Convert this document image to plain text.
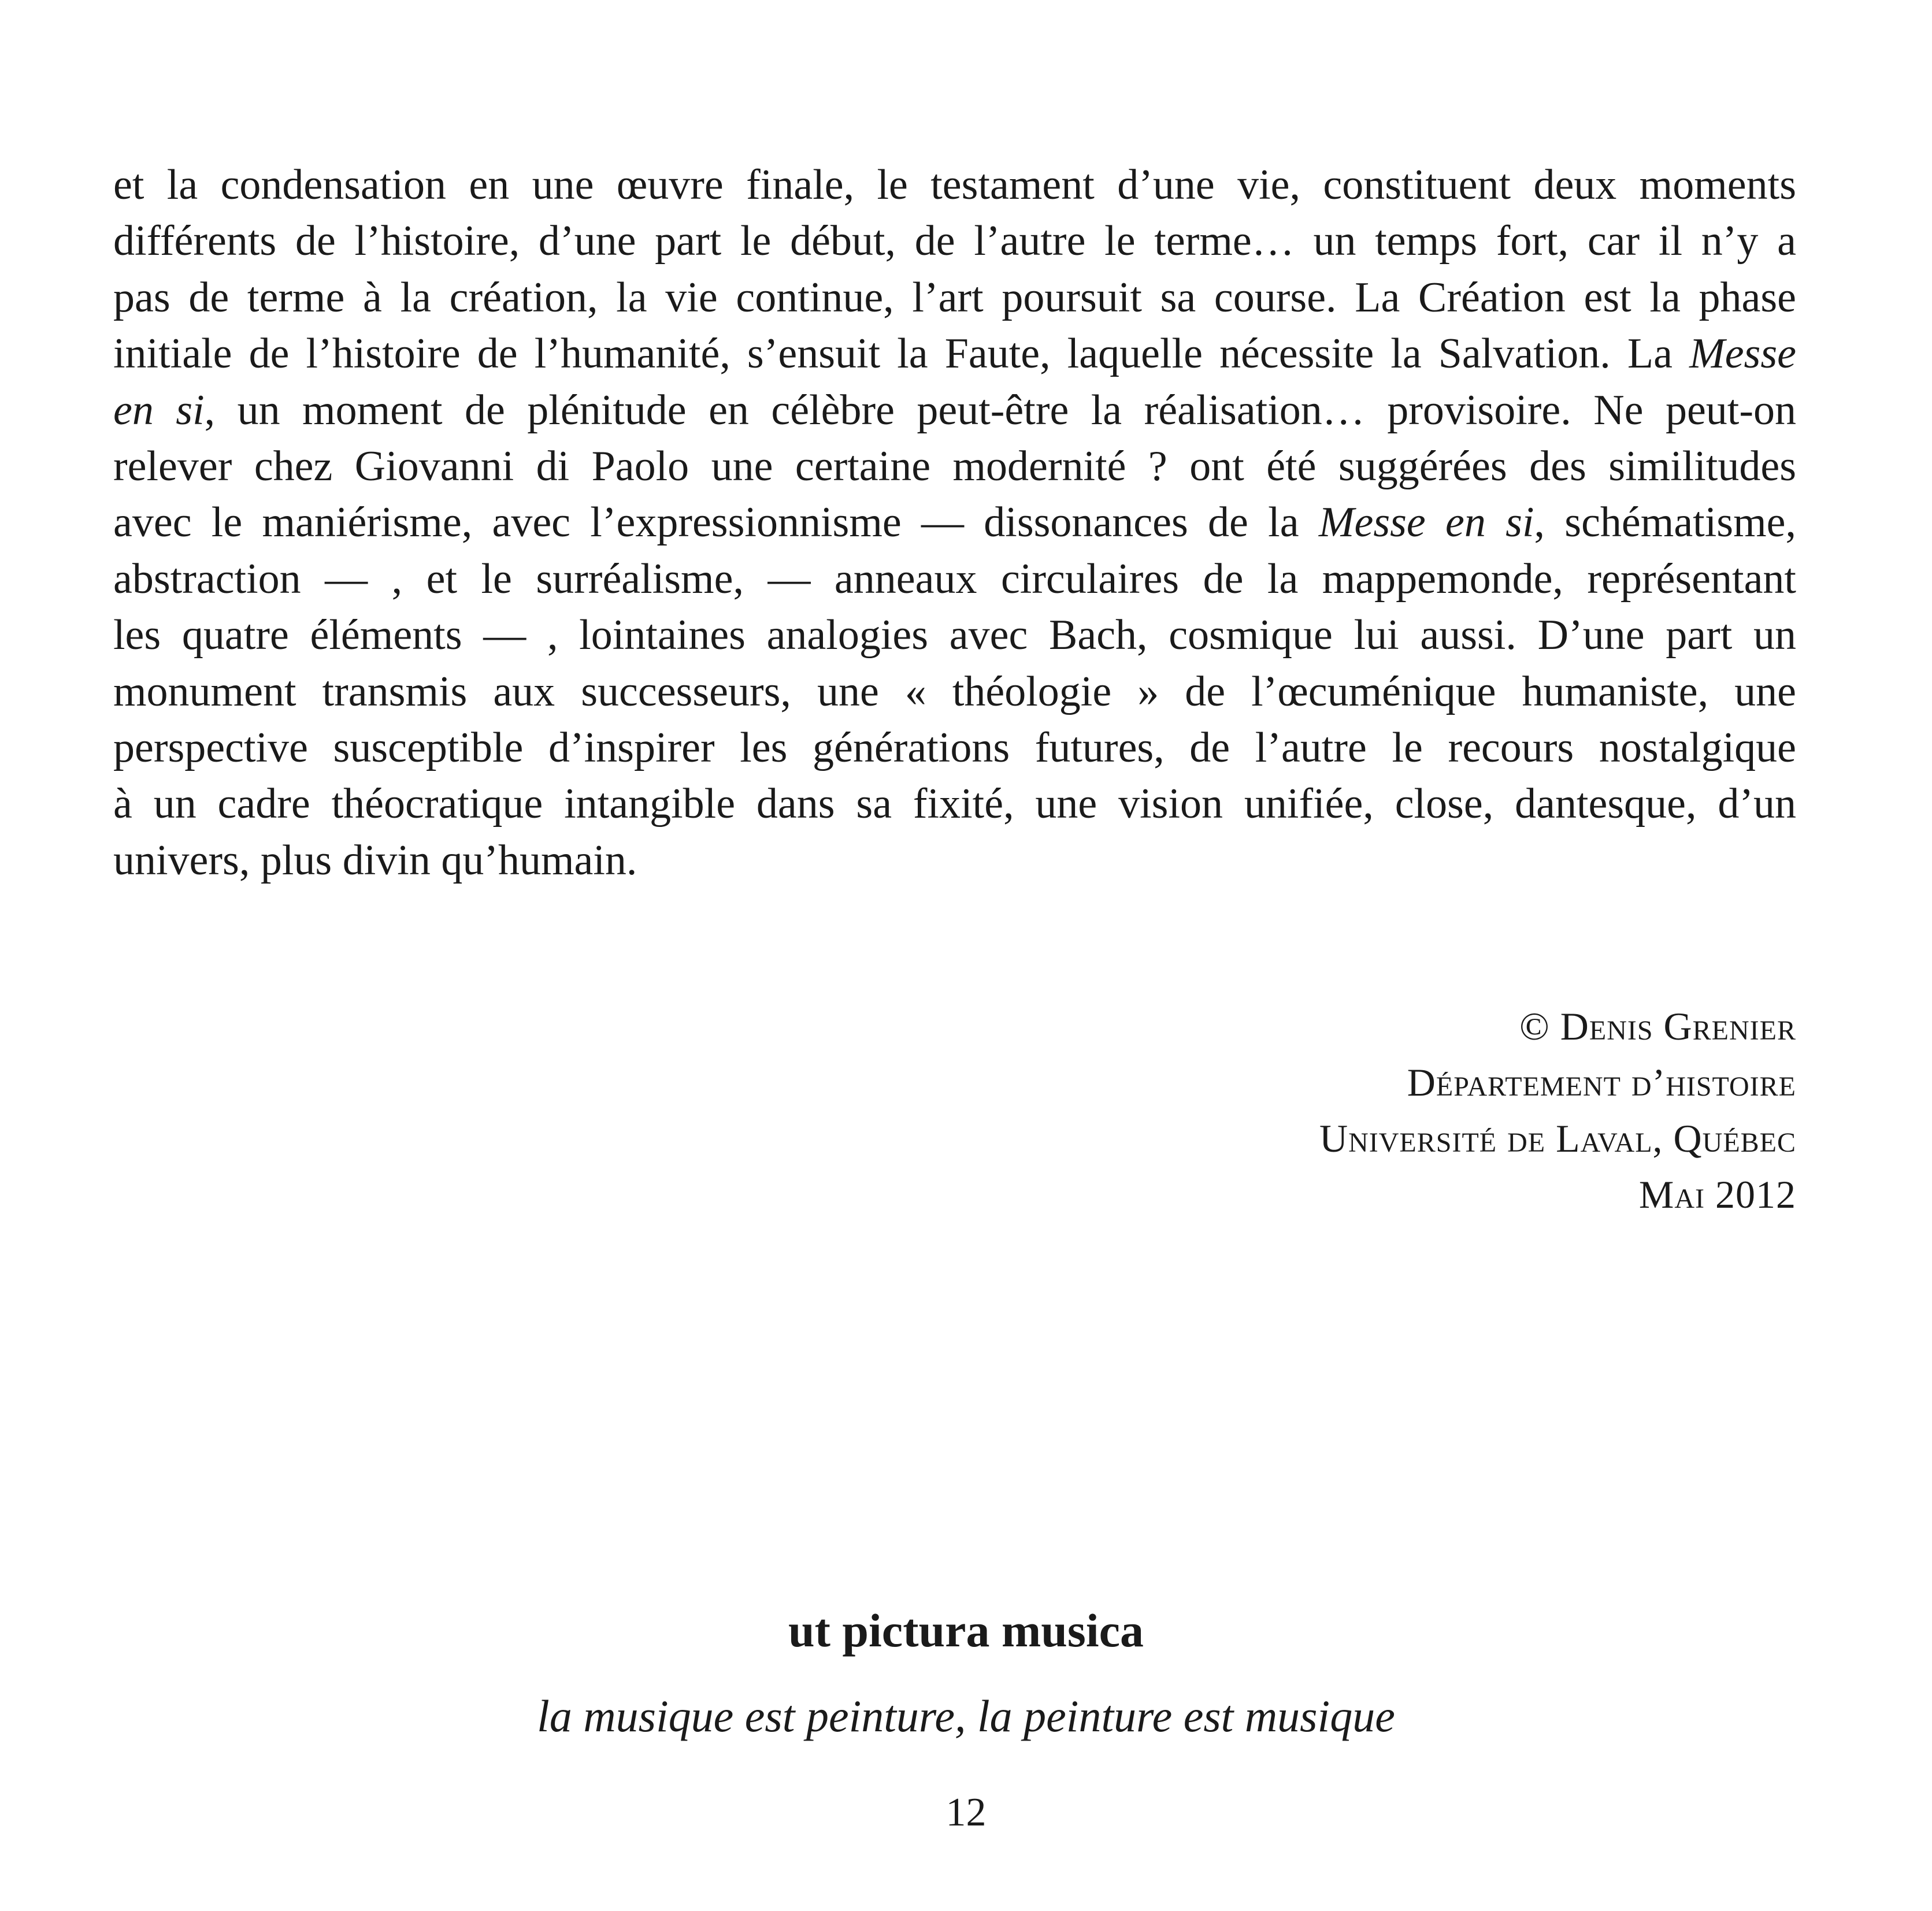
et la condensation en une œuvre finale, le testament d’une vie, constituent deux moments
différents de l’histoire, d’une part le début, de l’autre le terme… un temps fort, car il n’y a
pas de terme à la création, la vie continue, l’art poursuit sa course. La Création est la phase
initiale de l’histoire de l’humanité, s’ensuit la Faute, laquelle nécessite la Salvation. La Messe
en si, un moment de plénitude en célèbre peut-être la réalisation… provisoire. Ne peut-on
relever chez Giovanni di Paolo une certaine modernité ? ont été suggérées des similitudes
avec le maniérisme, avec l’expressionnisme — dissonances de la Messe en si, schématisme,
abstraction — , et le surréalisme, — anneaux circulaires de la mappemonde, représentant
les quatre éléments — , lointaines analogies avec Bach, cosmique lui aussi. D’une part un
monument transmis aux successeurs, une « théologie » de l’œcuménique humaniste, une
perspective susceptible d’inspirer les générations futures, de l’autre le recours nostalgique
à un cadre théocratique intangible dans sa fixité, une vision unifiée, close, dantesque, d’un
univers, plus divin qu’humain.
© Denis Grenier
Département d’histoire
Université de Laval, Québec
Mai 2012
ut pictura musica
la musique est peinture, la peinture est musique
12
